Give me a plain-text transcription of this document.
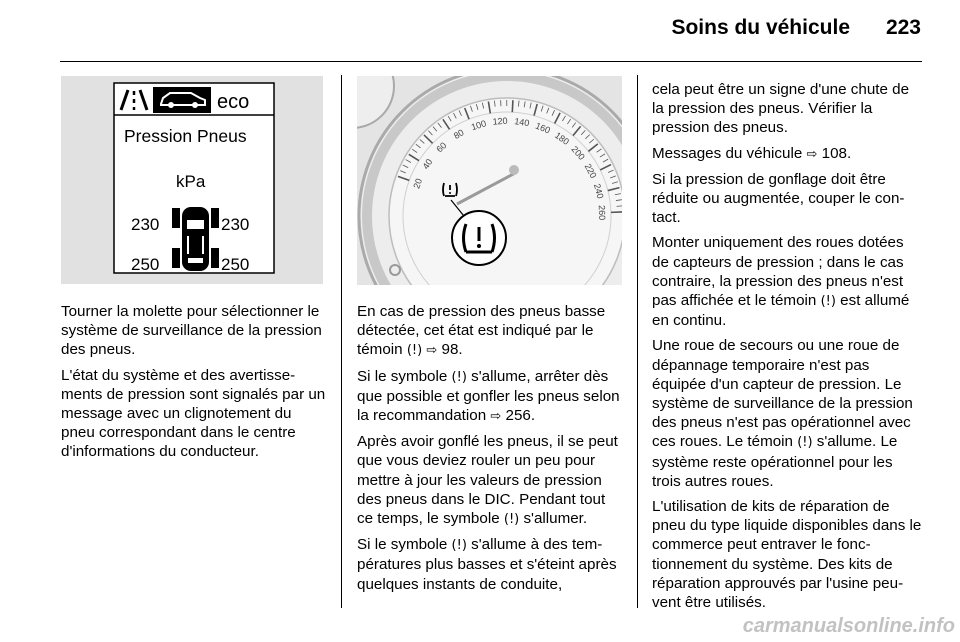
Soins du véhicule	223
eco
Pression Pneus
kPa
230	230
250	250
20
40
60
80
100 120 140 160
180
200
220
240
260

Tourner la molette pour sélectionner le système de surveillance de la pression des pneus.

L'état du système et des avertissements de pression sont signalés par un message avec un clignotement du pneu correspondant dans le centre d'informations du conducteur.

En cas de pression des pneus basse détectée, cet état est indiqué par le témoin (!) ⇨ 98.

Si le symbole (!) s'allume, arrêter dès que possible et gonfler les pneus selon la recommandation ⇨ 256.

Après avoir gonflé les pneus, il se peut que vous deviez rouler un peu pour mettre à jour les valeurs de pression des pneus dans le DIC. Pendant tout ce temps, le symbole (!) s'allumer.

Si le symbole (!) s'allume à des températures plus basses et s'éteint après quelques instants de conduite,

cela peut être un signe d'une chute de la pression des pneus. Vérifier la pression des pneus.

Messages du véhicule ⇨ 108.

Si la pression de gonflage doit être réduite ou augmentée, couper le contact.

Monter uniquement des roues dotées de capteurs de pression ; dans le cas contraire, la pression des pneus n'est pas affichée et le témoin (!) est allumé en continu.

Une roue de secours ou une roue de dépannage temporaire n'est pas équipée d'un capteur de pression. Le système de surveillance de la pression des pneus n'est pas opérationnel avec ces roues. Le témoin (!) s'allume. Le système reste opérationnel pour les trois autres roues.

L'utilisation de kits de réparation de pneu du type liquide disponibles dans le commerce peut entraver le fonctionnement du système. Des kits de réparation approuvés par l'usine peuvent être utilisés.

carmanualsonline.info
